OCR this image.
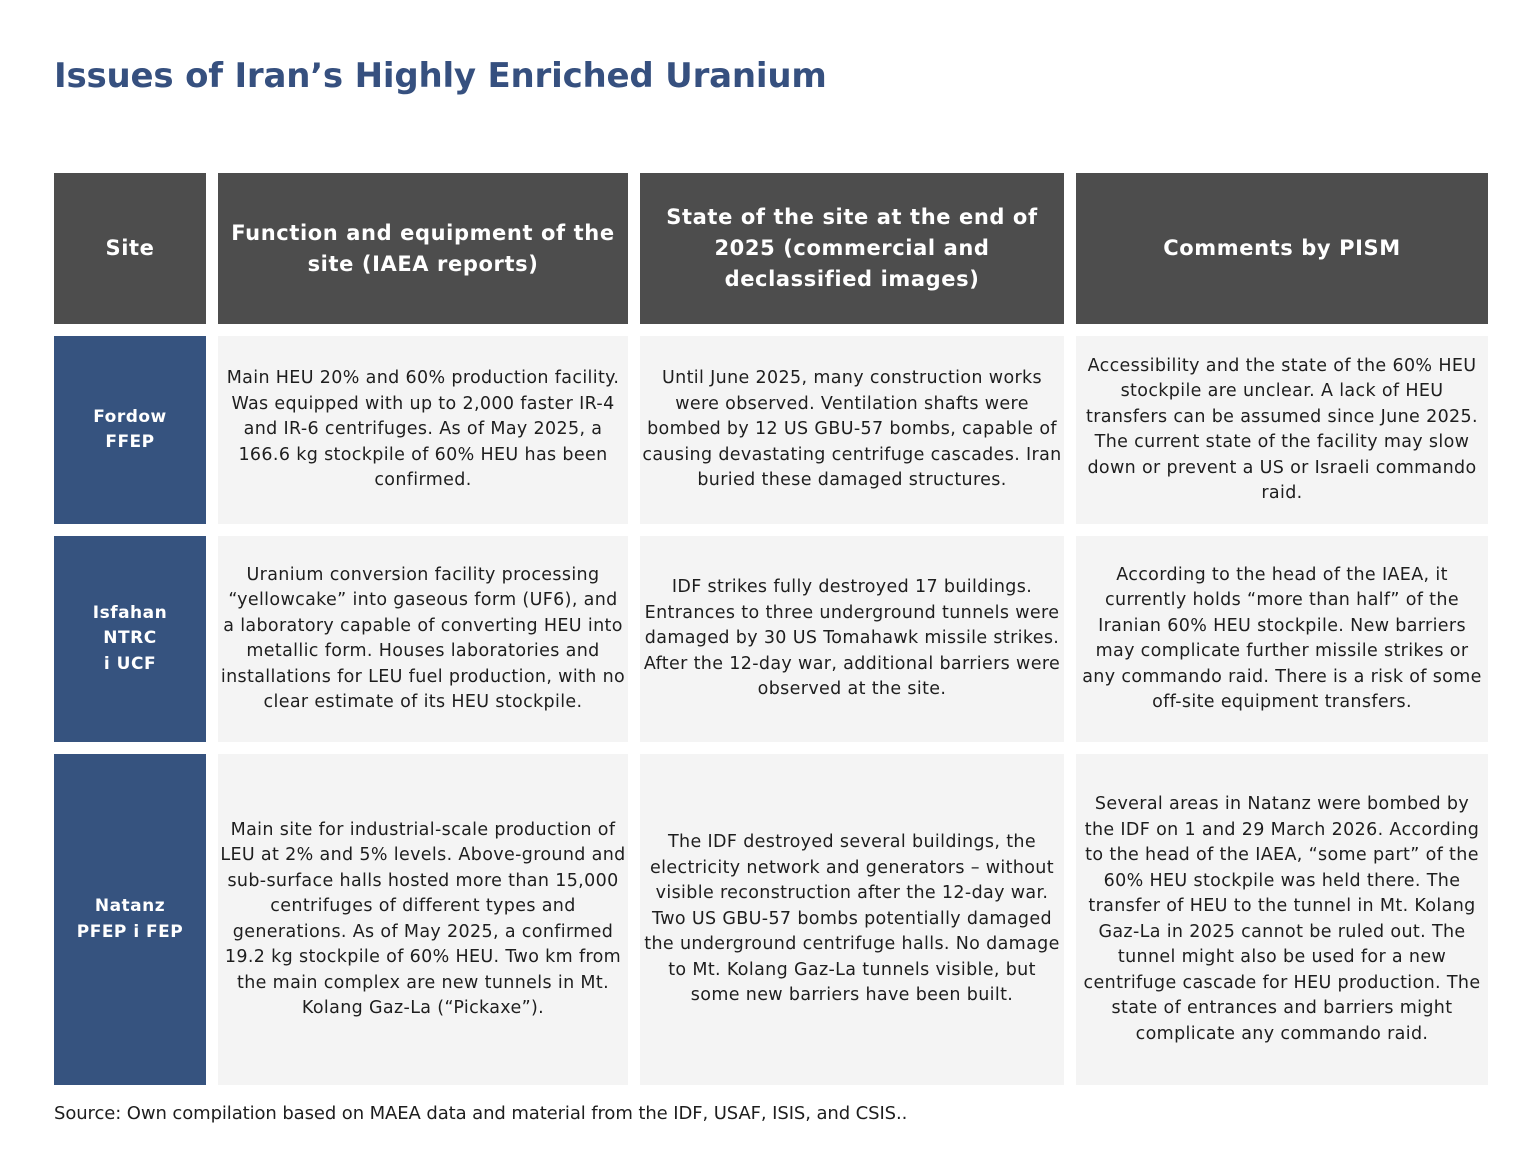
Issues of Iran’s Highly Enriched Uranium
Site
Function and equipment of the site (IAEA reports)
State of the site at the end of 2025 (commercial and declassified images)
Comments by PISM
Fordow
FFEP
Main HEU 20% and 60% production facility. Was equipped with up to 2,000 faster IR-4 and IR-6 centrifuges. As of May 2025, a 166.6 kg stockpile of 60% HEU has been confirmed.
Until June 2025, many construction works were observed. Ventilation shafts were bombed by 12 US GBU-57 bombs, capable of causing devastating centrifuge cascades. Iran buried these damaged structures.
Accessibility and the state of the 60% HEU stockpile are unclear. A lack of HEU transfers can be assumed since June 2025. The current state of the facility may slow down or prevent a US or Israeli commando raid.
Isfahan
NTRC
i UCF
Uranium conversion facility processing “yellowcake” into gaseous form (UF6), and a laboratory capable of converting HEU into metallic form. Houses laboratories and installations for LEU fuel production, with no clear estimate of its HEU stockpile.
IDF strikes fully destroyed 17 buildings. Entrances to three underground tunnels were damaged by 30 US Tomahawk missile strikes. After the 12-day war, additional barriers were observed at the site.
According to the head of the IAEA, it currently holds “more than half” of the Iranian 60% HEU stockpile. New barriers may complicate further missile strikes or any commando raid. There is a risk of some off-site equipment transfers.
Natanz
PFEP i FEP
Main site for industrial-scale production of LEU at 2% and 5% levels. Above-ground and sub-surface halls hosted more than 15,000 centrifuges of different types and generations. As of May 2025, a confirmed 19.2 kg stockpile of 60% HEU. Two km from the main complex are new tunnels in Mt. Kolang Gaz-La (“Pickaxe”).
The IDF destroyed several buildings, the electricity network and generators – without visible reconstruction after the 12-day war. Two US GBU-57 bombs potentially damaged the underground centrifuge halls. No damage to Mt. Kolang Gaz-La tunnels visible, but some new barriers have been built.
Several areas in Natanz were bombed by the IDF on 1 and 29 March 2026. According to the head of the IAEA, “some part” of the 60% HEU stockpile was held there. The transfer of HEU to the tunnel in Mt. Kolang Gaz-La in 2025 cannot be ruled out. The tunnel might also be used for a new centrifuge cascade for HEU production. The state of entrances and barriers might complicate any commando raid.

Source: Own compilation based on MAEA data and material from the IDF, USAF, ISIS, and CSIS..
